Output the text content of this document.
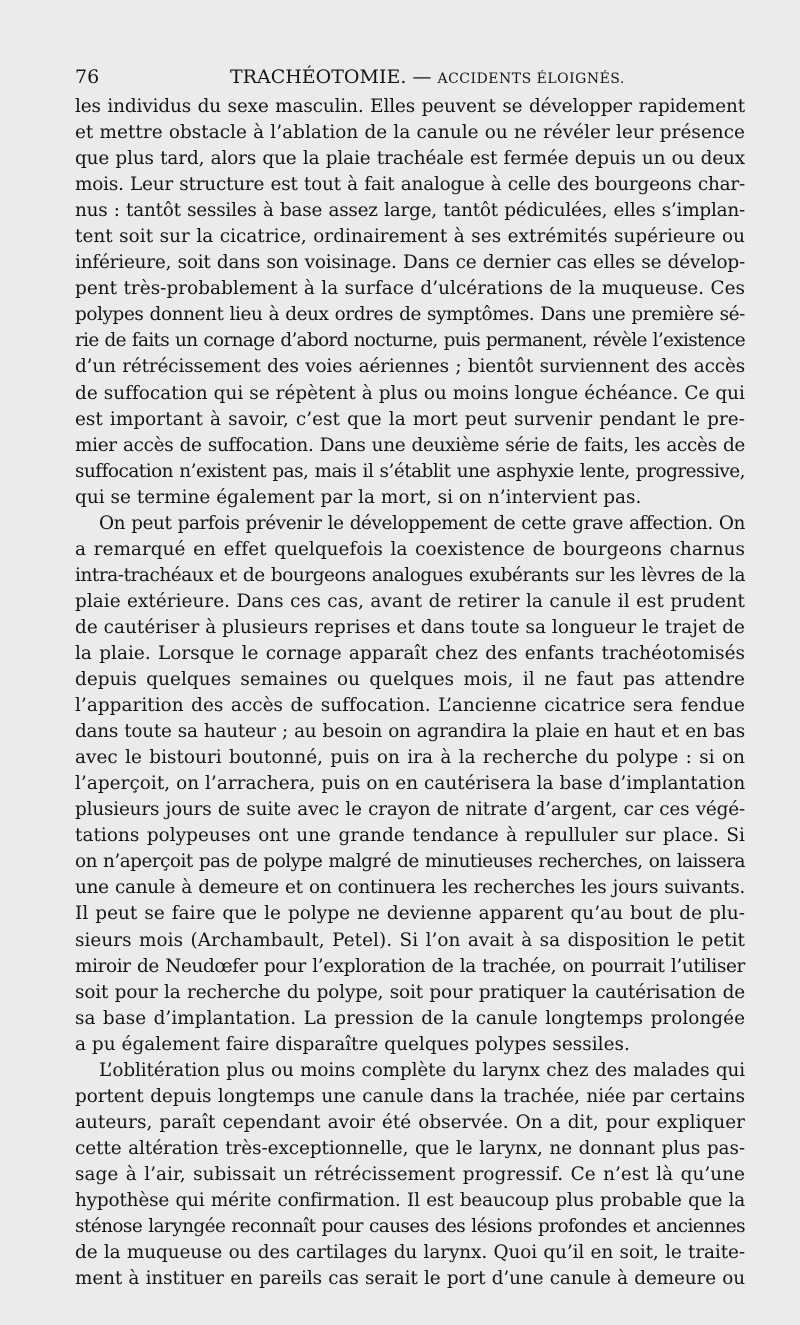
76	TRACHÉOTOMIE. — ACCIDENTS ÉLOIGNÉS.
les individus du sexe masculin. Elles peuvent se développer rapidement
et mettre obstacle à l’ablation de la canule ou ne révéler leur présence
que plus tard, alors que la plaie trachéale est fermée depuis un ou deux
mois. Leur structure est tout à fait analogue à celle des bourgeons char-
nus : tantôt sessiles à base assez large, tantôt pédiculées, elles s’implan-
tent soit sur la cicatrice, ordinairement à ses extrémités supérieure ou
inférieure, soit dans son voisinage. Dans ce dernier cas elles se dévelop-
pent très-probablement à la surface d’ulcérations de la muqueuse. Ces
polypes donnent lieu à deux ordres de symptômes. Dans une première sé-
rie de faits un cornage d’abord nocturne, puis permanent, révèle l’existence
d’un rétrécissement des voies aériennes ; bientôt surviennent des accès
de suffocation qui se répètent à plus ou moins longue échéance. Ce qui
est important à savoir, c’est que la mort peut survenir pendant le pre-
mier accès de suffocation. Dans une deuxième série de faits, les accès de
suffocation n’existent pas, mais il s’établit une asphyxie lente, progressive,
qui se termine également par la mort, si on n’intervient pas.
On peut parfois prévenir le développement de cette grave affection. On
a remarqué en effet quelquefois la coexistence de bourgeons charnus
intra-trachéaux et de bourgeons analogues exubérants sur les lèvres de la
plaie extérieure. Dans ces cas, avant de retirer la canule il est prudent
de cautériser à plusieurs reprises et dans toute sa longueur le trajet de
la plaie. Lorsque le cornage apparaît chez des enfants trachéotomisés
depuis quelques semaines ou quelques mois, il ne faut pas attendre
l’apparition des accès de suffocation. L’ancienne cicatrice sera fendue
dans toute sa hauteur ; au besoin on agrandira la plaie en haut et en bas
avec le bistouri boutonné, puis on ira à la recherche du polype : si on
l’aperçoit, on l’arrachera, puis on en cautérisera la base d’implantation
plusieurs jours de suite avec le crayon de nitrate d’argent, car ces végé-
tations polypeuses ont une grande tendance à repulluler sur place. Si
on n’aperçoit pas de polype malgré de minutieuses recherches, on laissera
une canule à demeure et on continuera les recherches les jours suivants.
Il peut se faire que le polype ne devienne apparent qu’au bout de plu-
sieurs mois (Archambault, Petel). Si l’on avait à sa disposition le petit
miroir de Neudœfer pour l’exploration de la trachée, on pourrait l’utiliser
soit pour la recherche du polype, soit pour pratiquer la cautérisation de
sa base d’implantation. La pression de la canule longtemps prolongée
a pu également faire disparaître quelques polypes sessiles.
L’oblitération plus ou moins complète du larynx chez des malades qui
portent depuis longtemps une canule dans la trachée, niée par certains
auteurs, paraît cependant avoir été observée. On a dit, pour expliquer
cette altération très-exceptionnelle, que le larynx, ne donnant plus pas-
sage à l’air, subissait un rétrécissement progressif. Ce n’est là qu’une
hypothèse qui mérite confirmation. Il est beaucoup plus probable que la
sténose laryngée reconnaît pour causes des lésions profondes et anciennes
de la muqueuse ou des cartilages du larynx. Quoi qu’il en soit, le traite-
ment à instituer en pareils cas serait le port d’une canule à demeure ou
